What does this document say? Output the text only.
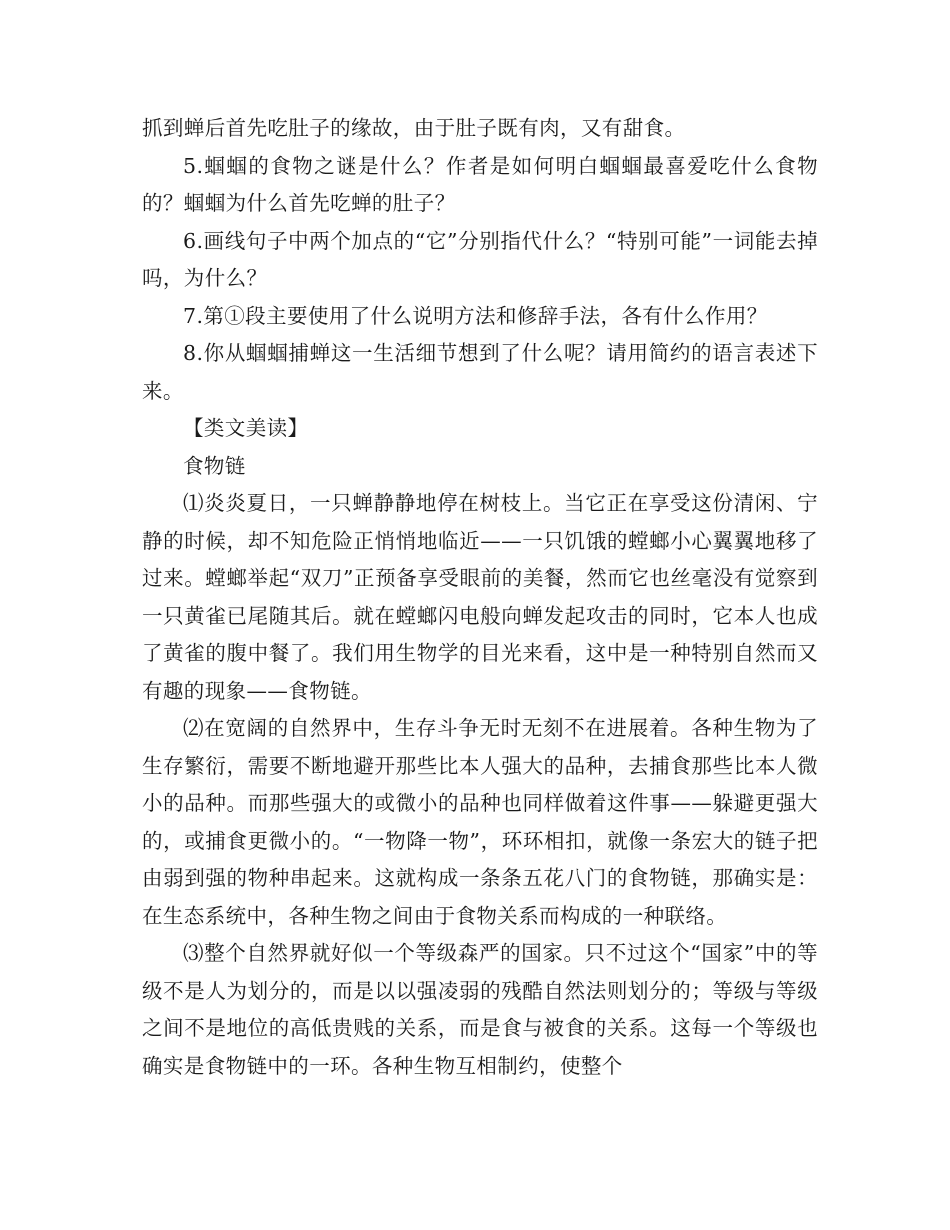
抓到蝉后首先吃肚子的缘故，由于肚子既有肉，又有甜食。

5.蝈蝈的食物之谜是什么？作者是如何明白蝈蝈最喜爱吃什么食物的？蝈蝈为什么首先吃蝉的肚子？

6.画线句子中两个加点的“它”分别指代什么？“特别可能”一词能去掉吗，为什么？

7.第①段主要使用了什么说明方法和修辞手法，各有什么作用？

8.你从蝈蝈捕蝉这一生活细节想到了什么呢？请用简约的语言表述下来。

【类文美读】

食物链

⑴炎炎夏日，一只蝉静静地停在树枝上。当它正在享受这份清闲、宁静的时候，却不知危险正悄悄地临近——一只饥饿的螳螂小心翼翼地移了过来。螳螂举起“双刀”正预备享受眼前的美餐，然而它也丝毫没有觉察到一只黄雀已尾随其后。就在螳螂闪电般向蝉发起攻击的同时，它本人也成了黄雀的腹中餐了。我们用生物学的目光来看，这中是一种特别自然而又有趣的现象——食物链。

⑵在宽阔的自然界中，生存斗争无时无刻不在进展着。各种生物为了生存繁衍，需要不断地避开那些比本人强大的品种，去捕食那些比本人微小的品种。而那些强大的或微小的品种也同样做着这件事——躲避更强大的，或捕食更微小的。“一物降一物”，环环相扣，就像一条宏大的链子把由弱到强的物种串起来。这就构成一条条五花八门的食物链，那确实是：在生态系统中，各种生物之间由于食物关系而构成的一种联络。

⑶整个自然界就好似一个等级森严的国家。只不过这个“国家”中的等级不是人为划分的，而是以以强凌弱的残酷自然法则划分的；等级与等级之间不是地位的高低贵贱的关系，而是食与被食的关系。这每一个等级也确实是食物链中的一环。各种生物互相制约，使整个
